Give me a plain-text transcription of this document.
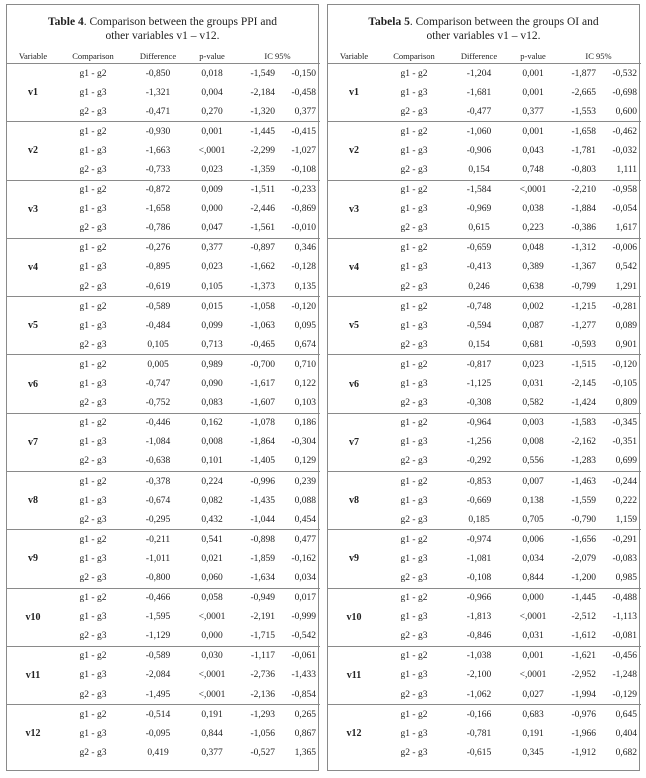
Table 4. Comparison between the groups PPI and
other variables v1 – v12.
Variable	Comparison	Difference	p-value	IC 95%	
v1	g1 - g2	-0,850	0,018	-1,549	-0,150
	g1 - g3	-1,321	0,004	-2,184	-0,458
	g2 - g3	-0,471	0,270	-1,320	0,377
v2	g1 - g2	-0,930	0,001	-1,445	-0,415
	g1 - g3	-1,663	<,0001	-2,299	-1,027
	g2 - g3	-0,733	0,023	-1,359	-0,108
v3	g1 - g2	-0,872	0,009	-1,511	-0,233
	g1 - g3	-1,658	0,000	-2,446	-0,869
	g2 - g3	-0,786	0,047	-1,561	-0,010
v4	g1 - g2	-0,276	0,377	-0,897	0,346
	g1 - g3	-0,895	0,023	-1,662	-0,128
	g2 - g3	-0,619	0,105	-1,373	0,135
v5	g1 - g2	-0,589	0,015	-1,058	-0,120
	g1 - g3	-0,484	0,099	-1,063	0,095
	g2 - g3	0,105	0,713	-0,465	0,674
v6	g1 - g2	0,005	0,989	-0,700	0,710
	g1 - g3	-0,747	0,090	-1,617	0,122
	g2 - g3	-0,752	0,083	-1,607	0,103
v7	g1 - g2	-0,446	0,162	-1,078	0,186
	g1 - g3	-1,084	0,008	-1,864	-0,304
	g2 - g3	-0,638	0,101	-1,405	0,129
v8	g1 - g2	-0,378	0,224	-0,996	0,239
	g1 - g3	-0,674	0,082	-1,435	0,088
	g2 - g3	-0,295	0,432	-1,044	0,454
v9	g1 - g2	-0,211	0,541	-0,898	0,477
	g1 - g3	-1,011	0,021	-1,859	-0,162
	g2 - g3	-0,800	0,060	-1,634	0,034
v10	g1 - g2	-0,466	0,058	-0,949	0,017
	g1 - g3	-1,595	<,0001	-2,191	-0,999
	g2 - g3	-1,129	0,000	-1,715	-0,542
v11	g1 - g2	-0,589	0,030	-1,117	-0,061
	g1 - g3	-2,084	<,0001	-2,736	-1,433
	g2 - g3	-1,495	<,0001	-2,136	-0,854
v12	g1 - g2	-0,514	0,191	-1,293	0,265
	g1 - g3	-0,095	0,844	-1,056	0,867
	g2 - g3	0,419	0,377	-0,527	1,365
Tabela 5. Comparison between the groups OI and
other variables v1 – v12.
Variable	Comparison	Difference	p-value	IC 95%	
v1	g1 - g2	-1,204	0,001	-1,877	-0,532
	g1 - g3	-1,681	0,001	-2,665	-0,698
	g2 - g3	-0,477	0,377	-1,553	0,600
v2	g1 - g2	-1,060	0,001	-1,658	-0,462
	g1 - g3	-0,906	0,043	-1,781	-0,032
	g2 - g3	0,154	0,748	-0,803	1,111
v3	g1 - g2	-1,584	<,0001	-2,210	-0,958
	g1 - g3	-0,969	0,038	-1,884	-0,054
	g2 - g3	0,615	0,223	-0,386	1,617
v4	g1 - g2	-0,659	0,048	-1,312	-0,006
	g1 - g3	-0,413	0,389	-1,367	0,542
	g2 - g3	0,246	0,638	-0,799	1,291
v5	g1 - g2	-0,748	0,002	-1,215	-0,281
	g1 - g3	-0,594	0,087	-1,277	0,089
	g2 - g3	0,154	0,681	-0,593	0,901
v6	g1 - g2	-0,817	0,023	-1,515	-0,120
	g1 - g3	-1,125	0,031	-2,145	-0,105
	g2 - g3	-0,308	0,582	-1,424	0,809
v7	g1 - g2	-0,964	0,003	-1,583	-0,345
	g1 - g3	-1,256	0,008	-2,162	-0,351
	g2 - g3	-0,292	0,556	-1,283	0,699
v8	g1 - g2	-0,853	0,007	-1,463	-0,244
	g1 - g3	-0,669	0,138	-1,559	0,222
	g2 - g3	0,185	0,705	-0,790	1,159
v9	g1 - g2	-0,974	0,006	-1,656	-0,291
	g1 - g3	-1,081	0,034	-2,079	-0,083
	g2 - g3	-0,108	0,844	-1,200	0,985
v10	g1 - g2	-0,966	0,000	-1,445	-0,488
	g1 - g3	-1,813	<,0001	-2,512	-1,113
	g2 - g3	-0,846	0,031	-1,612	-0,081
v11	g1 - g2	-1,038	0,001	-1,621	-0,456
	g1 - g3	-2,100	<,0001	-2,952	-1,248
	g2 - g3	-1,062	0,027	-1,994	-0,129
v12	g1 - g2	-0,166	0,683	-0,976	0,645
	g1 - g3	-0,781	0,191	-1,966	0,404
	g2 - g3	-0,615	0,345	-1,912	0,682
